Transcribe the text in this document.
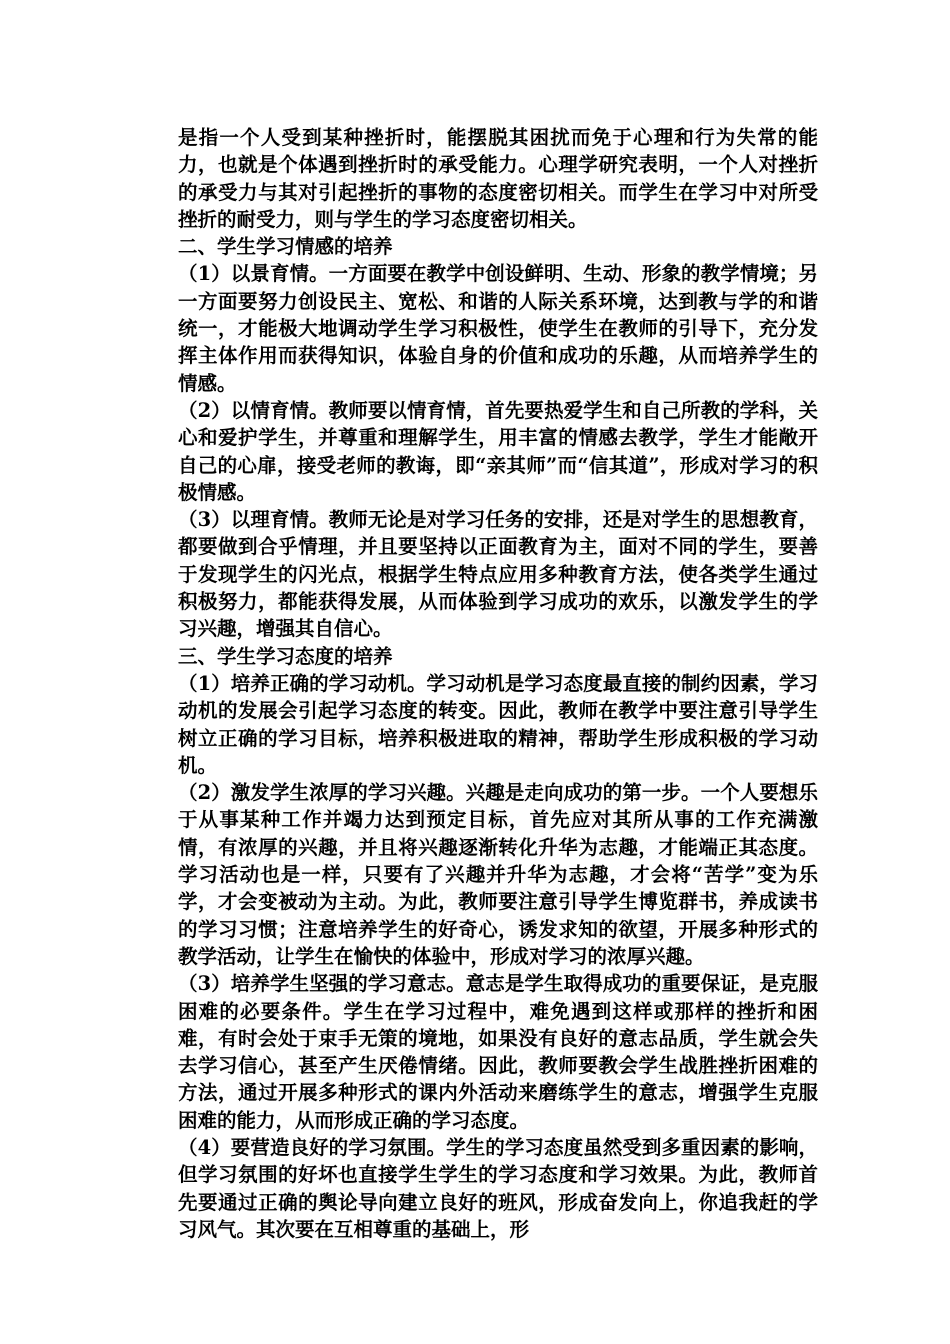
是指一个人受到某种挫折时，能摆脱其困扰而免于心理和行为失常的能力，也就是个体遇到挫折时的承受能力。心理学研究表明，一个人对挫折的承受力与其对引起挫折的事物的态度密切相关。而学生在学习中对所受挫折的耐受力，则与学生的学习态度密切相关。

二、学生学习情感的培养

（1）以景育情。一方面要在教学中创设鲜明、生动、形象的教学情境；另一方面要努力创设民主、宽松、和谐的人际关系环境，达到教与学的和谐统一，才能极大地调动学生学习积极性，使学生在教师的引导下，充分发挥主体作用而获得知识，体验自身的价值和成功的乐趣，从而培养学生的情感。

（2）以情育情。教师要以情育情，首先要热爱学生和自己所教的学科，关心和爱护学生，并尊重和理解学生，用丰富的情感去教学，学生才能敞开自己的心扉，接受老师的教诲，即“亲其师”而“信其道”，形成对学习的积极情感。

（3）以理育情。教师无论是对学习任务的安排，还是对学生的思想教育，都要做到合乎情理，并且要坚持以正面教育为主，面对不同的学生，要善于发现学生的闪光点，根据学生特点应用多种教育方法，使各类学生通过积极努力，都能获得发展，从而体验到学习成功的欢乐，以激发学生的学习兴趣，增强其自信心。

三、学生学习态度的培养

（1）培养正确的学习动机。学习动机是学习态度最直接的制约因素，学习动机的发展会引起学习态度的转变。因此，教师在教学中要注意引导学生树立正确的学习目标，培养积极进取的精神，帮助学生形成积极的学习动机。

（2）激发学生浓厚的学习兴趣。兴趣是走向成功的第一步。一个人要想乐于从事某种工作并竭力达到预定目标，首先应对其所从事的工作充满激情，有浓厚的兴趣，并且将兴趣逐渐转化升华为志趣，才能端正其态度。学习活动也是一样，只要有了兴趣并升华为志趣，才会将“苦学”变为乐学，才会变被动为主动。为此，教师要注意引导学生博览群书，养成读书的学习习惯；注意培养学生的好奇心，诱发求知的欲望，开展多种形式的教学活动，让学生在愉快的体验中，形成对学习的浓厚兴趣。

（3）培养学生坚强的学习意志。意志是学生取得成功的重要保证，是克服困难的必要条件。学生在学习过程中，难免遇到这样或那样的挫折和困难，有时会处于束手无策的境地，如果没有良好的意志品质，学生就会失去学习信心，甚至产生厌倦情绪。因此，教师要教会学生战胜挫折困难的方法，通过开展多种形式的课内外活动来磨练学生的意志，增强学生克服困难的能力，从而形成正确的学习态度。

（4）要营造良好的学习氛围。学生的学习态度虽然受到多重因素的影响，但学习氛围的好坏也直接学生学生的学习态度和学习效果。为此，教师首先要通过正确的舆论导向建立良好的班风，形成奋发向上，你追我赶的学习风气。其次要在互相尊重的基础上，形
